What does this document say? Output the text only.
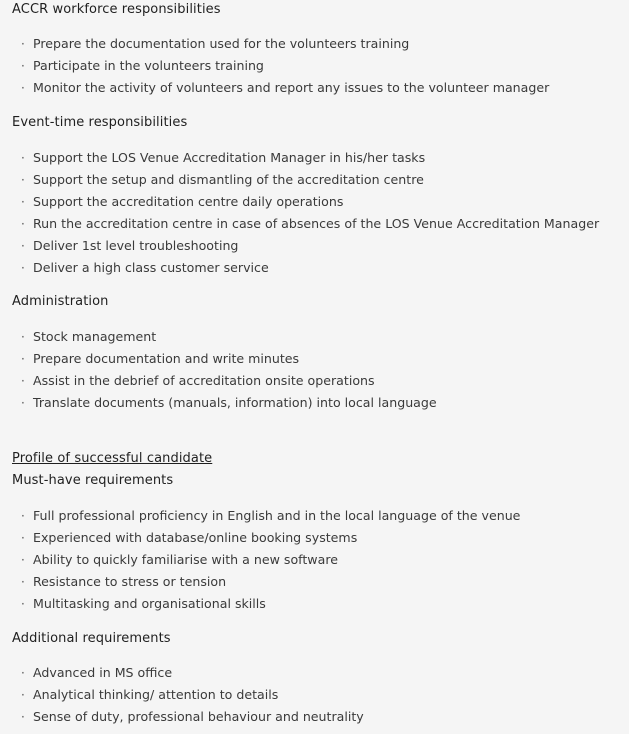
ACCR workforce responsibilities
· Prepare the documentation used for the volunteers training
· Participate in the volunteers training
· Monitor the activity of volunteers and report any issues to the volunteer manager
Event-time responsibilities
· Support the LOS Venue Accreditation Manager in his/her tasks
· Support the setup and dismantling of the accreditation centre
· Support the accreditation centre daily operations
· Run the accreditation centre in case of absences of the LOS Venue Accreditation Manager
· Deliver 1st level troubleshooting
· Deliver a high class customer service
Administration
· Stock management
· Prepare documentation and write minutes
· Assist in the debrief of accreditation onsite operations
· Translate documents (manuals, information) into local language
Profile of successful candidate
Must-have requirements
· Full professional proficiency in English and in the local language of the venue
· Experienced with database/online booking systems
· Ability to quickly familiarise with a new software
· Resistance to stress or tension
· Multitasking and organisational skills
Additional requirements
· Advanced in MS office
· Analytical thinking/ attention to details
· Sense of duty, professional behaviour and neutrality
